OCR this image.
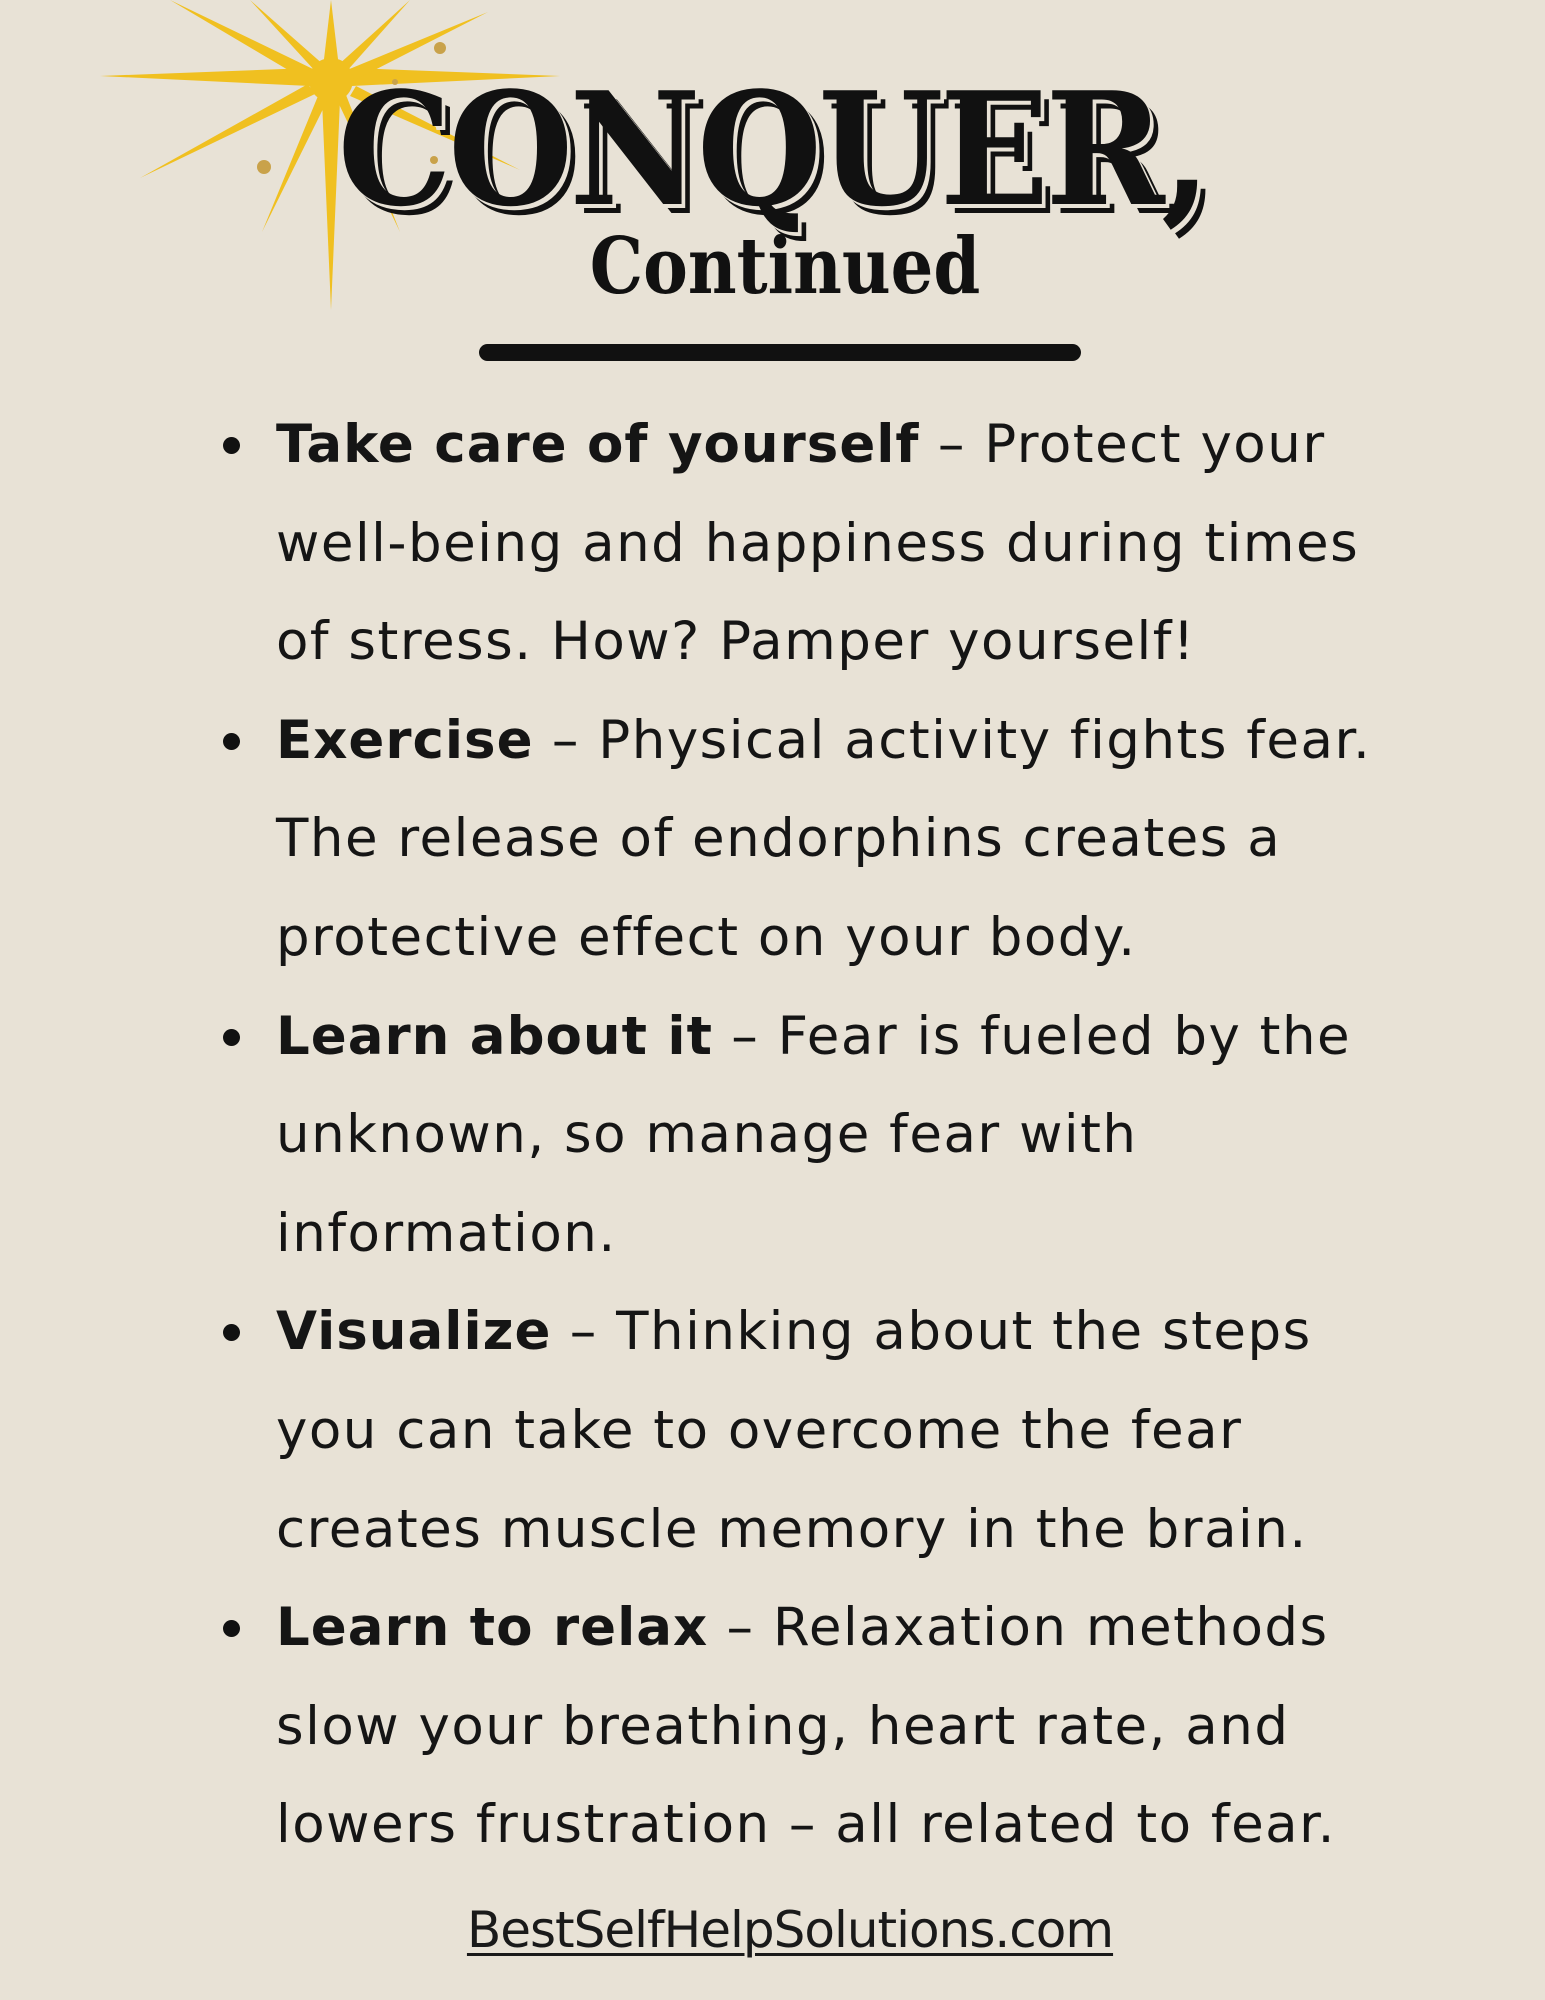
CONQUER,
Continued
Take care of yourself – Protect your well-being and happiness during times of stress. How? Pamper yourself!
Exercise – Physical activity fights fear. The release of endorphins creates a protective effect on your body.
Learn about it – Fear is fueled by the unknown, so manage fear with information.
Visualize – Thinking about the steps you can take to overcome the fear creates muscle memory in the brain.
Learn to relax – Relaxation methods slow your breathing, heart rate, and lowers frustration – all related to fear.
BestSelfHelpSolutions.com
